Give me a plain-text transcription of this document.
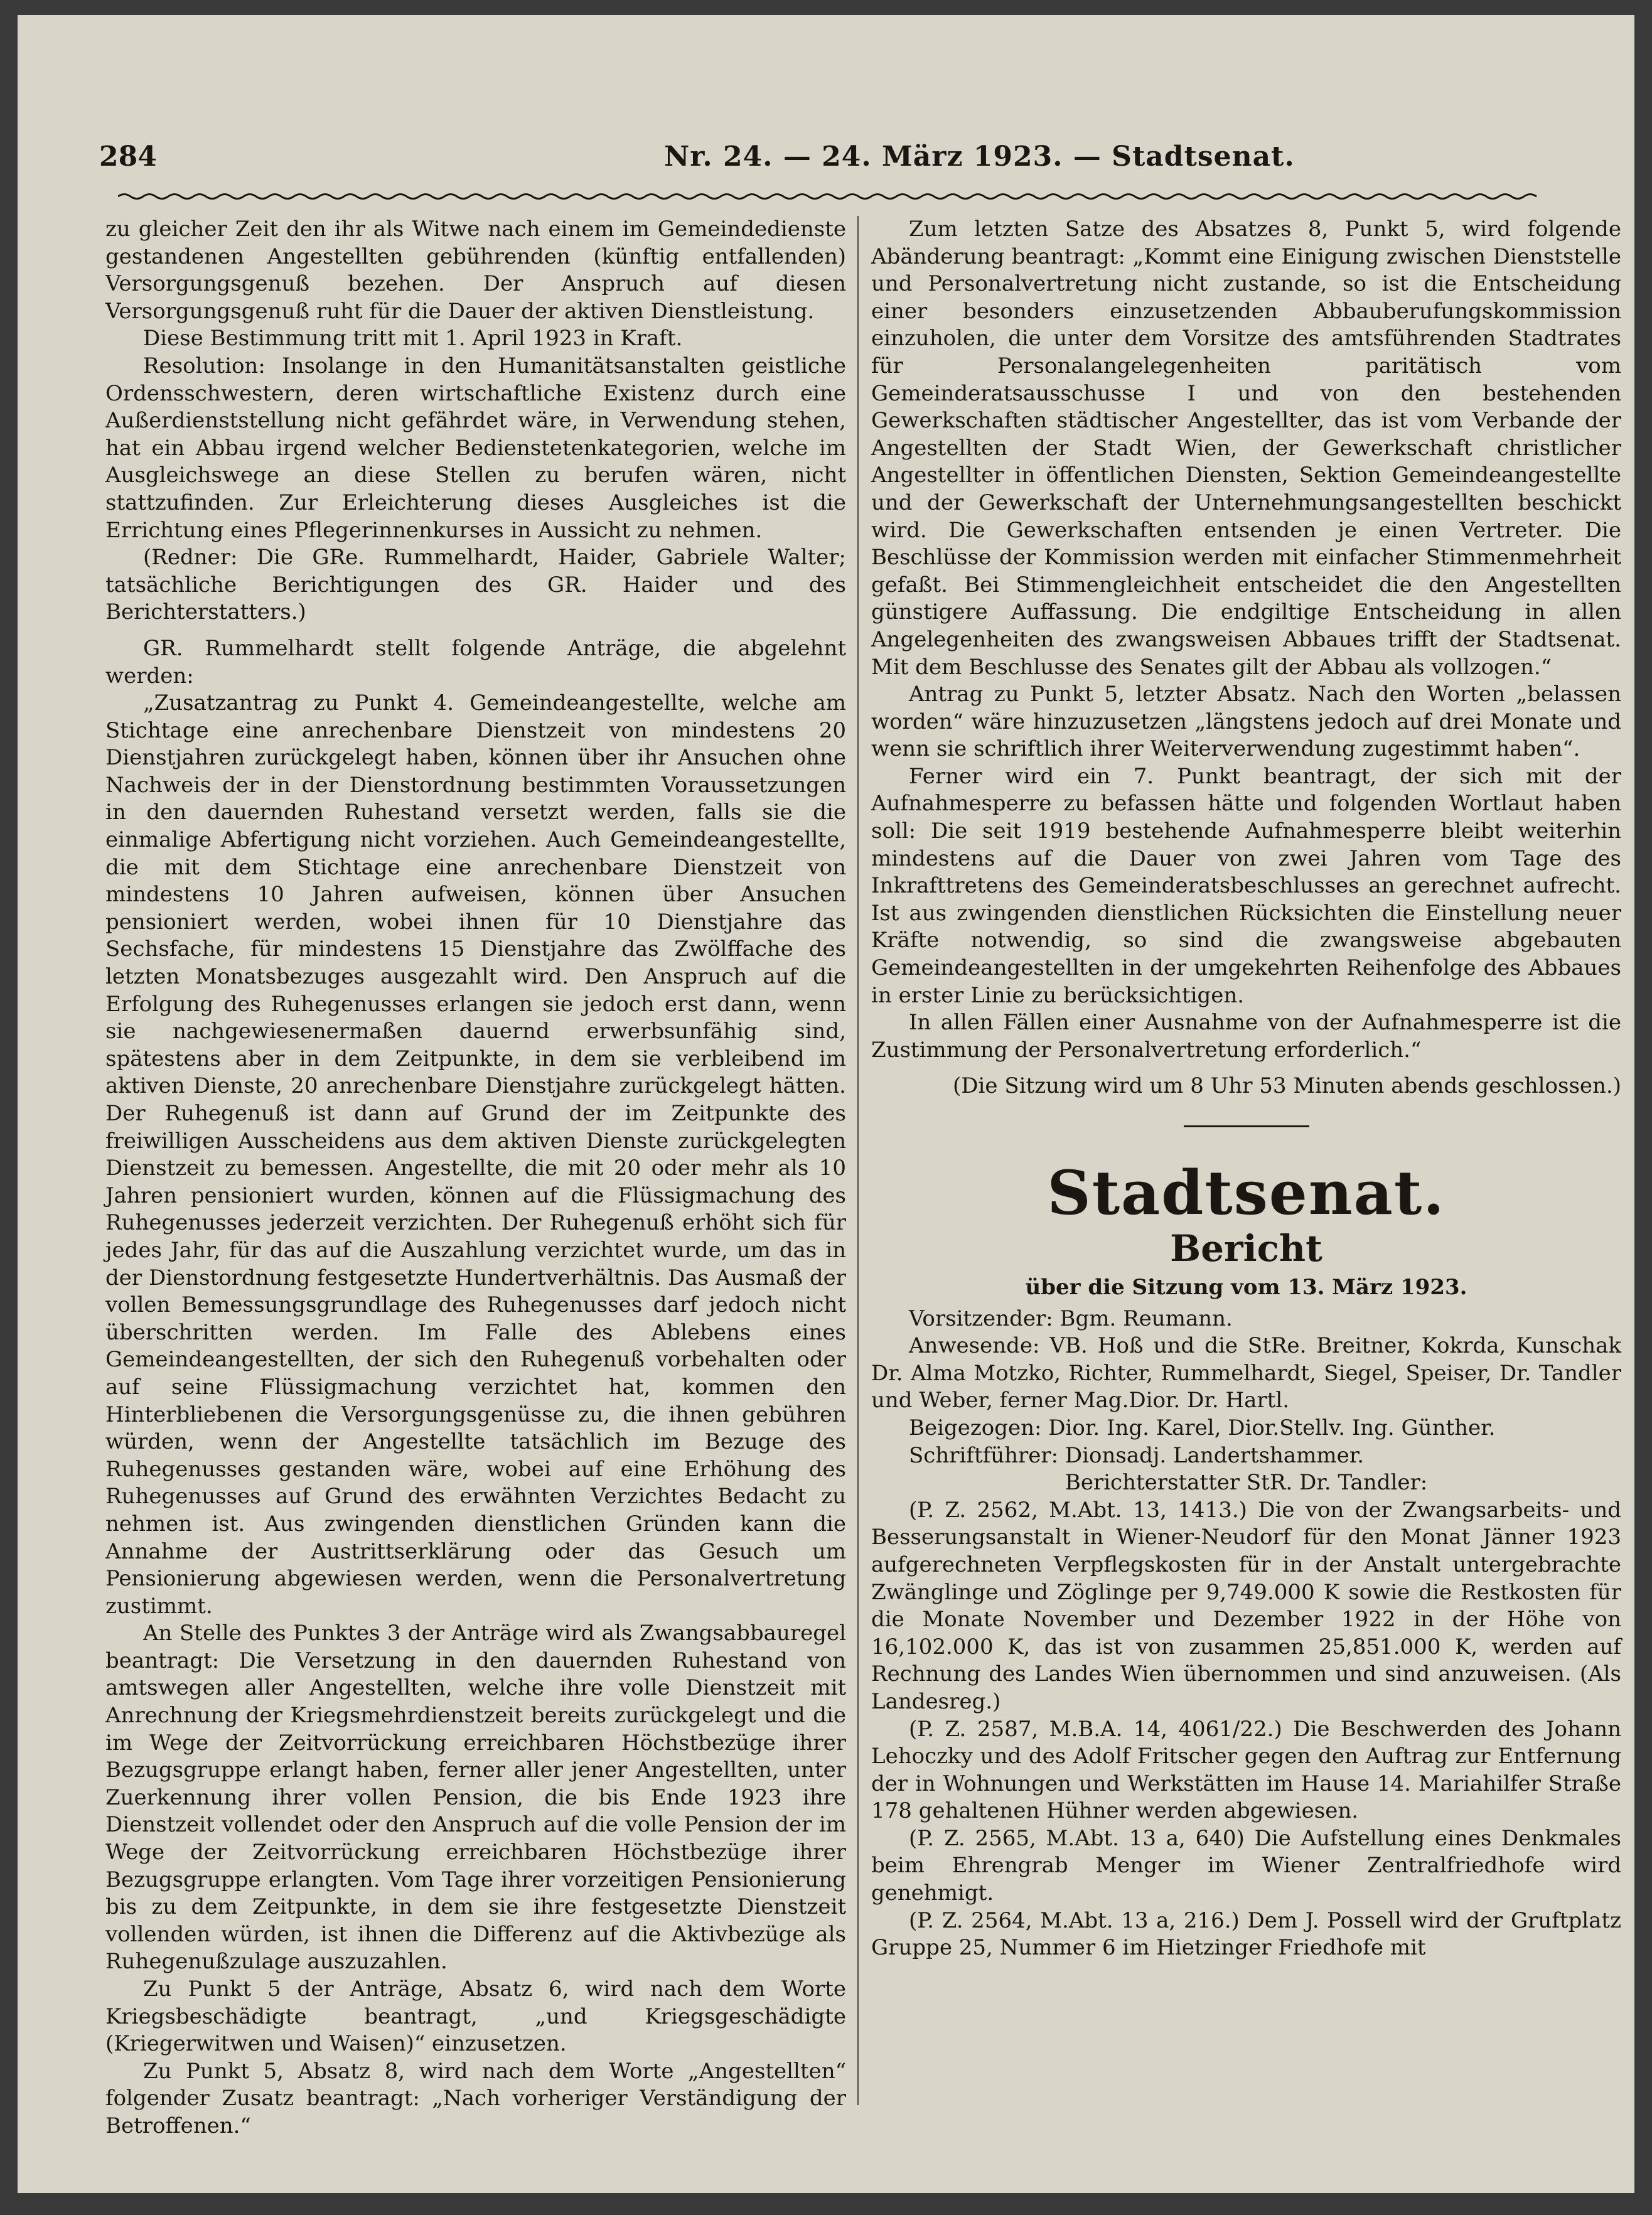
284	Nr. 24. — 24. März 1923. — Stadtsenat.

zu gleicher Zeit den ihr als Witwe nach einem im Gemeindedienste gestandenen Angestellten gebührenden (künftig entfallenden) Versorgungsgenuß bezehen. Der Anspruch auf diesen Versorgungsgenuß ruht für die Dauer der aktiven Dienstleistung.

Diese Bestimmung tritt mit 1. April 1923 in Kraft.

Resolution: Insolange in den Humanitätsanstalten geistliche Ordensschwestern, deren wirtschaftliche Existenz durch eine Außerdienststellung nicht gefährdet wäre, in Verwendung stehen, hat ein Abbau irgend welcher Bedienstetenkategorien, welche im Ausgleichswege an diese Stellen zu berufen wären, nicht stattzufinden. Zur Erleichterung dieses Ausgleiches ist die Errichtung eines Pflegerinnenkurses in Aussicht zu nehmen.

(Redner: Die GRe. Rummelhardt, Haider, Gabriele Walter; tatsächliche Berichtigungen des GR. Haider und des Berichterstatters.)

GR. Rummelhardt stellt folgende Anträge, die abgelehnt werden:

„Zusatzantrag zu Punkt 4. Gemeindeangestellte, welche am Stichtage eine anrechenbare Dienstzeit von mindestens 20 Dienstjahren zurückgelegt haben, können über ihr Ansuchen ohne Nachweis der in der Dienstordnung bestimmten Voraussetzungen in den dauernden Ruhestand versetzt werden, falls sie die einmalige Abfertigung nicht vorziehen. Auch Gemeindeangestellte, die mit dem Stichtage eine anrechenbare Dienstzeit von mindestens 10 Jahren aufweisen, können über Ansuchen pensioniert werden, wobei ihnen für 10 Dienstjahre das Sechsfache, für mindestens 15 Dienstjahre das Zwölffache des letzten Monatsbezuges ausgezahlt wird. Den Anspruch auf die Erfolgung des Ruhegenusses erlangen sie jedoch erst dann, wenn sie nachgewiesenermaßen dauernd erwerbsunfähig sind, spätestens aber in dem Zeitpunkte, in dem sie verbleibend im aktiven Dienste, 20 anrechenbare Dienstjahre zurückgelegt hätten. Der Ruhegenuß ist dann auf Grund der im Zeitpunkte des freiwilligen Ausscheidens aus dem aktiven Dienste zurückgelegten Dienstzeit zu bemessen. Angestellte, die mit 20 oder mehr als 10 Jahren pensioniert wurden, können auf die Flüssigmachung des Ruhegenusses jederzeit verzichten. Der Ruhegenuß erhöht sich für jedes Jahr, für das auf die Auszahlung verzichtet wurde, um das in der Dienstordnung festgesetzte Hundertverhältnis. Das Ausmaß der vollen Bemessungsgrundlage des Ruhegenusses darf jedoch nicht überschritten werden. Im Falle des Ablebens eines Gemeindeangestellten, der sich den Ruhegenuß vorbehalten oder auf seine Flüssigmachung verzichtet hat, kommen den Hinterbliebenen die Versorgungsgenüsse zu, die ihnen gebühren würden, wenn der Angestellte tatsächlich im Bezuge des Ruhegenusses gestanden wäre, wobei auf eine Erhöhung des Ruhegenusses auf Grund des erwähnten Verzichtes Bedacht zu nehmen ist. Aus zwingenden dienstlichen Gründen kann die Annahme der Austrittserklärung oder das Gesuch um Pensionierung abgewiesen werden, wenn die Personalvertretung zustimmt.

An Stelle des Punktes 3 der Anträge wird als Zwangsabbauregel beantragt: Die Versetzung in den dauernden Ruhestand von amtswegen aller Angestellten, welche ihre volle Dienstzeit mit Anrechnung der Kriegsmehrdienstzeit bereits zurückgelegt und die im Wege der Zeitvorrückung erreichbaren Höchstbezüge ihrer Bezugsgruppe erlangt haben, ferner aller jener Angestellten, unter Zuerkennung ihrer vollen Pension, die bis Ende 1923 ihre Dienstzeit vollendet oder den Anspruch auf die volle Pension der im Wege der Zeitvorrückung erreichbaren Höchstbezüge ihrer Bezugsgruppe erlangten. Vom Tage ihrer vorzeitigen Pensionierung bis zu dem Zeitpunkte, in dem sie ihre festgesetzte Dienstzeit vollenden würden, ist ihnen die Differenz auf die Aktivbezüge als Ruhegenußzulage auszuzahlen.

Zu Punkt 5 der Anträge, Absatz 6, wird nach dem Worte Kriegsbeschädigte beantragt, „und Kriegsgeschädigte (Kriegerwitwen und Waisen)“ einzusetzen.

Zu Punkt 5, Absatz 8, wird nach dem Worte „Angestellten“ folgender Zusatz beantragt: „Nach vorheriger Verständigung der Betroffenen.“

Zum letzten Satze des Absatzes 8, Punkt 5, wird folgende Abänderung beantragt: „Kommt eine Einigung zwischen Dienststelle und Personalvertretung nicht zustande, so ist die Entscheidung einer besonders einzusetzenden Abbauberufungskommission einzuholen, die unter dem Vorsitze des amtsführenden Stadtrates für Personalangelegenheiten paritätisch vom Gemeinderatsausschusse I und von den bestehenden Gewerkschaften städtischer Angestellter, das ist vom Verbande der Angestellten der Stadt Wien, der Gewerkschaft christlicher Angestellter in öffentlichen Diensten, Sektion Gemeindeangestellte und der Gewerkschaft der Unternehmungsangestellten beschickt wird. Die Gewerkschaften entsenden je einen Vertreter. Die Beschlüsse der Kommission werden mit einfacher Stimmenmehrheit gefaßt. Bei Stimmengleichheit entscheidet die den Angestellten günstigere Auffassung. Die endgiltige Entscheidung in allen Angelegenheiten des zwangsweisen Abbaues trifft der Stadtsenat. Mit dem Beschlusse des Senates gilt der Abbau als vollzogen.“

Antrag zu Punkt 5, letzter Absatz. Nach den Worten „belassen worden“ wäre hinzuzusetzen „längstens jedoch auf drei Monate und wenn sie schriftlich ihrer Weiterverwendung zugestimmt haben“.

Ferner wird ein 7. Punkt beantragt, der sich mit der Aufnahmesperre zu befassen hätte und folgenden Wortlaut haben soll: Die seit 1919 bestehende Aufnahmesperre bleibt weiterhin mindestens auf die Dauer von zwei Jahren vom Tage des Inkrafttretens des Gemeinderatsbeschlusses an gerechnet aufrecht. Ist aus zwingenden dienstlichen Rücksichten die Einstellung neuer Kräfte notwendig, so sind die zwangsweise abgebauten Gemeindeangestellten in der umgekehrten Reihenfolge des Abbaues in erster Linie zu berücksichtigen.

In allen Fällen einer Ausnahme von der Aufnahmesperre ist die Zustimmung der Personalvertretung erforderlich.“

(Die Sitzung wird um 8 Uhr 53 Minuten abends geschlossen.)

Stadtsenat.
Bericht

über die Sitzung vom 13. März 1923.

Vorsitzender: Bgm. Reumann.

Anwesende: VB. Hoß und die StRe. Breitner, Kokrda, Kunschak Dr. Alma Motzko, Richter, Rummelhardt, Siegel, Speiser, Dr. Tandler und Weber, ferner Mag.Dior. Dr. Hartl.

Beigezogen: Dior. Ing. Karel, Dior.Stellv. Ing. Günther.

Schriftführer: Dionsadj. Landertshammer.

Berichterstatter StR. Dr. Tandler:

(P. Z. 2562, M.Abt. 13, 1413.) Die von der Zwangsarbeits- und Besserungsanstalt in Wiener-Neudorf für den Monat Jänner 1923 aufgerechneten Verpflegskosten für in der Anstalt untergebrachte Zwänglinge und Zöglinge per 9,749.000 K sowie die Restkosten für die Monate November und Dezember 1922 in der Höhe von 16,102.000 K, das ist von zusammen 25,851.000 K, werden auf Rechnung des Landes Wien übernommen und sind anzuweisen. (Als Landesreg.)

(P. Z. 2587, M.B.A. 14, 4061/22.) Die Beschwerden des Johann Lehoczky und des Adolf Fritscher gegen den Auftrag zur Entfernung der in Wohnungen und Werkstätten im Hause 14. Mariahilfer Straße 178 gehaltenen Hühner werden abgewiesen.

(P. Z. 2565, M.Abt. 13 a, 640) Die Aufstellung eines Denkmales beim Ehrengrab Menger im Wiener Zentralfriedhofe wird genehmigt.

(P. Z. 2564, M.Abt. 13 a, 216.) Dem J. Possell wird der Gruftplatz Gruppe 25, Nummer 6 im Hietzinger Friedhofe mit
